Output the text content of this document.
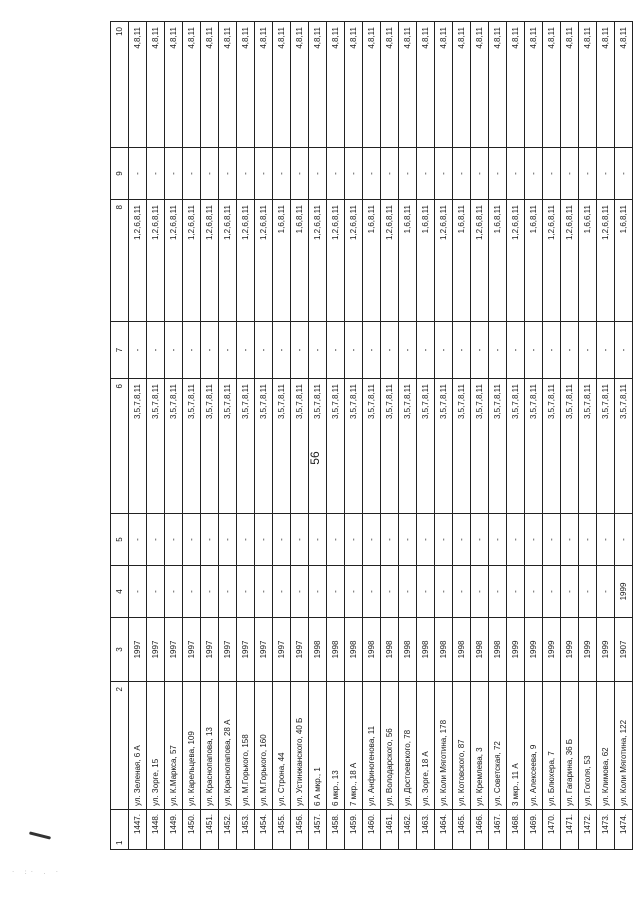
56
1	2	3	4	5	6	7	8	9	10
1447.	ул. Зеленая, 6 А	1997	-	-	3,5,7,8,11	-	1,2,6,8,11	-	4,8,11
1448.	ул. Зорге, 15	1997	-	-	3,5,7,8,11	-	1,2,6,8,11	-	4,8,11
1449.	ул. К.Маркса, 57	1997	-	-	3,5,7,8,11	-	1,2,6,8,11	-	4,8,11
1450.	ул. Карельцева, 109	1997	-	-	3,5,7,8,11	-	1,2,6,8,11	-	4,8,11
1451.	ул. Краснопапова, 13	1997	-	-	3,5,7,8,11	-	1,2,6,8,11	-	4,8,11
1452.	ул. Краснопапова, 28 А	1997	-	-	3,5,7,8,11	-	1,2,6,8,11	-	4,8,11
1453.	ул. М.Горького, 158	1997	-	-	3,5,7,8,11	-	1,2,6,8,11	-	4,8,11
1454.	ул. М.Горького, 160	1997	-	-	3,5,7,8,11	-	1,2,6,8,11	-	4,8,11
1455.	ул. Строна, 44	1997	-	-	3,5,7,8,11	-	1,6,8,11	-	4,8,11
1456.	ул. Устинжанского, 40 Б	1997	-	-	3,5,7,8,11	-	1,6,8,11	-	4,8,11
1457.	6 А мкр., 1	1998	-	-	3,5,7,8,11	-	1,2,6,8,11	-	4,8,11
1458.	6 мкр., 13	1998	-	-	3,5,7,8,11	-	1,2,6,8,11	-	4,8,11
1459.	7 мкр., 18 А	1998	-	-	3,5,7,8,11	-	1,2,6,8,11	-	4,8,11
1460.	ул. Анфиногенова, 11	1998	-	-	3,5,7,8,11	-	1,6,8,11	-	4,8,11
1461.	ул. Володарского, 56	1998	-	-	3,5,7,8,11	-	1,2,6,8,11	-	4,8,11
1462.	ул. Достоевского, 78	1998	-	-	3,5,7,8,11	-	1,6,8,11	-	4,8,11
1463.	ул. Зорге, 18 А	1998	-	-	3,5,7,8,11	-	1,6,8,11	-	4,8,11
1464.	ул. Коли Мяготина, 178	1998	-	-	3,5,7,8,11	-	1,2,6,8,11	-	4,8,11
1465.	ул. Котовского, 87	1998	-	-	3,5,7,8,11	-	1,6,8,11	-	4,8,11
1466.	ул. Кремлева, 3	1998	-	-	3,5,7,8,11	-	1,2,6,8,11	-	4,8,11
1467.	ул. Советская, 72	1998	-	-	3,5,7,8,11	-	1,6,8,11	-	4,8,11
1468.	3 мкр., 11 А	1999	-	-	3,5,7,8,11	-	1,2,6,8,11	-	4,8,11
1469.	ул. Алексеева, 9	1999	-	-	3,5,7,8,11	-	1,6,8,11	-	4,8,11
1470.	ул. Блюхера, 7	1999	-	-	3,5,7,8,11	-	1,2,6,8,11	-	4,8,11
1471.	ул. Гагарина, 36 Б	1999	-	-	3,5,7,8,11	-	1,2,6,8,11	-	4,8,11
1472.	ул. Гоголя, 53	1999	-	-	3,5,7,8,11	-	1,6,6,11	-	4,8,11
1473.	ул. Климова, 62	1999	-	-	3,5,7,8,11	-	1,2,6,8,11	-	4,8,11
1474.	ул. Коли Мяготина, 122	1907	1999	-	3,5,7,8,11	-	1,6,8,11	-	4,8,11
· :· . ·
